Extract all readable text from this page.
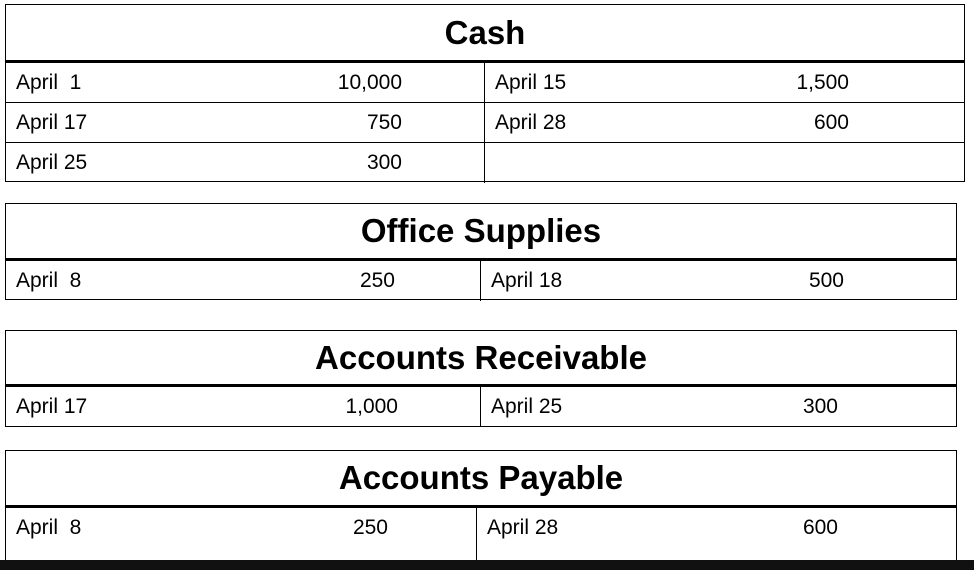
Cash
April  1	10,000	April 15	1,500
April 17	750	April 28	600
April 25	300
Office Supplies
April  8	250	April 18	500
Accounts Receivable
April 17	1,000	April 25	300
Accounts Payable
April  8	250	April 28	600
